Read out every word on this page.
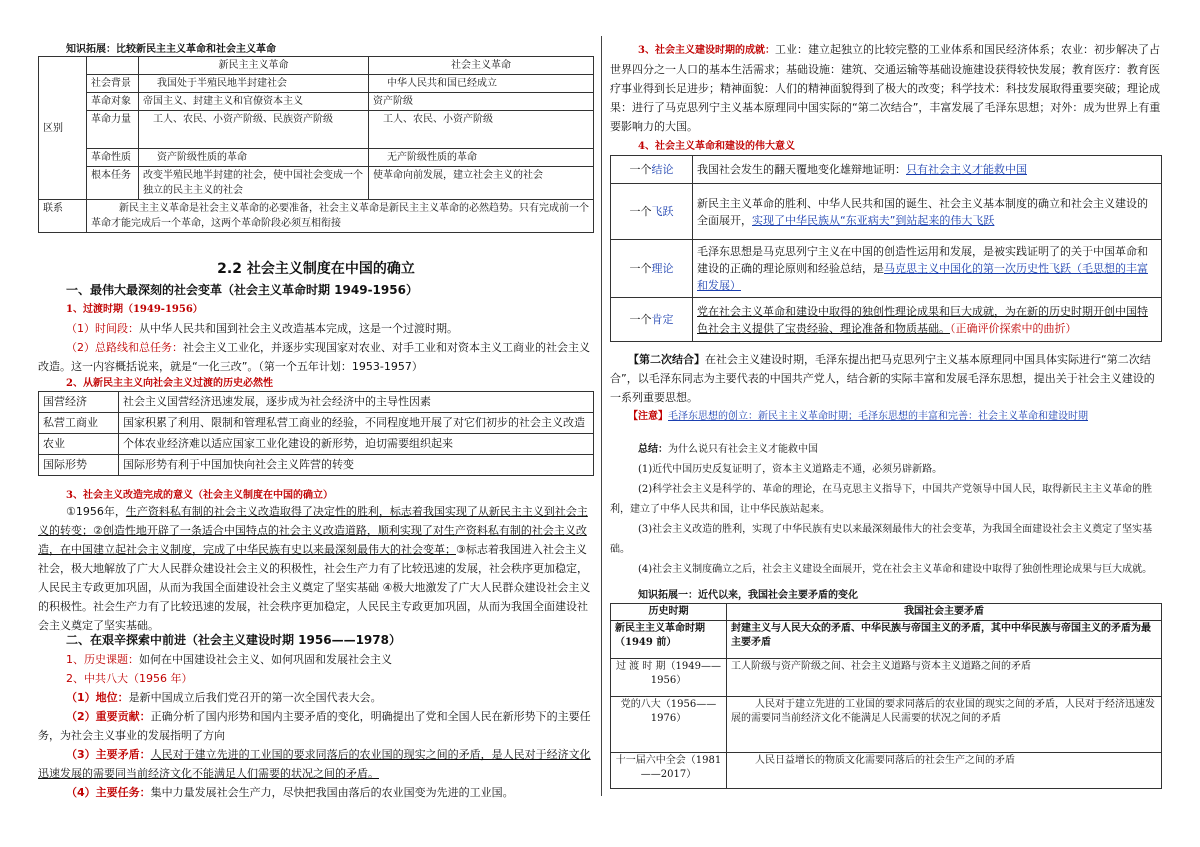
知识拓展：比较新民主主义革命和社会主义革命
区别		新民主主义革命	社会主义革命
	社会背景	我国处于半殖民地半封建社会	中华人民共和国已经成立
	革命对象	帝国主义、封建主义和官僚资本主义	资产阶级
	革命力量	工人、农民、小资产阶级、民族资产阶级	工人、农民、小资产阶级
	革命性质	资产阶级性质的革命	无产阶级性质的革命
	根本任务	改变半殖民地半封建的社会，使中国社会变成一个独立的民主主义的社会	使革命向前发展，建立社会主义的社会
联系	新民主主义革命是社会主义革命的必要准备，社会主义革命是新民主主义革命的必然趋势。只有完成前一个革命才能完成后一个革命，这两个革命阶段必须互相衔接		
2.2 社会主义制度在中国的确立
一、最伟大最深刻的社会变革（社会主义革命时期 1949-1956）

1、过渡时期（1949-1956）

（1）时间段：从中华人民共和国到社会主义改造基本完成，这是一个过渡时期。

（2）总路线和总任务：社会主义工业化，并逐步实现国家对农业、对手工业和对资本主义工商业的社会主义改造。这一内容概括说来，就是“一化三改”。（第一个五年计划：1953-1957）

2、从新民主主义向社会主义过渡的历史必然性
国营经济	社会主义国营经济迅速发展，逐步成为社会经济中的主导性因素
私营工商业	国家积累了利用、限制和管理私营工商业的经验，不同程度地开展了对它们初步的社会主义改造
农业	个体农业经济难以适应国家工业化建设的新形势，迫切需要组织起来
国际形势	国际形势有利于中国加快向社会主义阵营的转变
3、社会主义改造完成的意义（社会主义制度在中国的确立）

①1956年，生产资料私有制的社会主义改造取得了决定性的胜利，标志着我国实现了从新民主主义到社会主义的转变；②创造性地开辟了一条适合中国特点的社会主义改造道路，顺利实现了对生产资料私有制的社会主义改造，在中国建立起社会主义制度，完成了中华民族有史以来最深刻最伟大的社会变革；③标志着我国进入社会主义社会，极大地解放了广大人民群众建设社会主义的积极性，社会生产力有了比较迅速的发展，社会秩序更加稳定，人民民主专政更加巩固，从而为我国全面建设社会主义奠定了坚实基础 ④极大地激发了广大人民群众建设社会主义的积极性。社会生产力有了比较迅速的发展，社会秩序更加稳定，人民民主专政更加巩固，从而为我国全面建设社会主义奠定了坚实基础。

二、在艰辛探索中前进（社会主义建设时期 1956——1978）

1、历史课题：如何在中国建设社会主义、如何巩固和发展社会主义

2、中共八大（1956 年）

（1）地位：是新中国成立后我们党召开的第一次全国代表大会。

（2）重要贡献：正确分析了国内形势和国内主要矛盾的变化，明确提出了党和全国人民在新形势下的主要任务，为社会主义事业的发展指明了方向

（3）主要矛盾：人民对于建立先进的工业国的要求同落后的农业国的现实之间的矛盾，是人民对于经济文化迅速发展的需要同当前经济文化不能满足人们需要的状况之间的矛盾。

（4）主要任务：集中力量发展社会生产力，尽快把我国由落后的农业国变为先进的工业国。

3、社会主义建设时期的成就：工业：建立起独立的比较完整的工业体系和国民经济体系；农业：初步解决了占世界四分之一人口的基本生活需求；基础设施：建筑、交通运输等基础设施建设获得较快发展；教育医疗：教育医疗事业得到长足进步；精神面貌：人们的精神面貌得到了极大的改变；科学技术：科技发展取得重要突破；理论成果：进行了马克思列宁主义基本原理同中国实际的“第二次结合”，丰富发展了毛泽东思想；对外：成为世界上有重要影响力的大国。

4、社会主义革命和建设的伟大意义
一个结论	我国社会发生的翻天覆地变化雄辩地证明：只有社会主义才能救中国
一个飞跃	新民主主义革命的胜利、中华人民共和国的诞生、社会主义基本制度的确立和社会主义建设的全面展开，实现了中华民族从“东亚病夫”到站起来的伟大飞跃
一个理论	毛泽东思想是马克思列宁主义在中国的创造性运用和发展，是被实践证明了的关于中国革命和建设的正确的理论原则和经验总结，是马克思主义中国化的第一次历史性飞跃（毛思想的丰富和发展）
一个肯定	党在社会主义革命和建设中取得的独创性理论成果和巨大成就，为在新的历史时期开创中国特色社会主义提供了宝贵经验、理论准备和物质基础。（正确评价探索中的曲折）

【第二次结合】在社会主义建设时期，毛泽东提出把马克思列宁主义基本原理同中国具体实际进行“第二次结合”，以毛泽东同志为主要代表的中国共产党人，结合新的实际丰富和发展毛泽东思想，提出关于社会主义建设的一系列重要思想。

【注意】毛泽东思想的创立：新民主主义革命时期；毛泽东思想的丰富和完善：社会主义革命和建设时期

总结：为什么说只有社会主义才能救中国

(1)近代中国历史反复证明了，资本主义道路走不通，必须另辟新路。

(2)科学社会主义是科学的、革命的理论，在马克思主义指导下，中国共产党领导中国人民，取得新民主主义革命的胜利，建立了中华人民共和国，让中华民族站起来。

(3)社会主义改造的胜利，实现了中华民族有史以来最深刻最伟大的社会变革，为我国全面建设社会主义奠定了坚实基础。

(4)社会主义制度确立之后，社会主义建设全面展开，党在社会主义革命和建设中取得了独创性理论成果与巨大成就。

知识拓展一：近代以来，我国社会主要矛盾的变化
历史时期	我国社会主要矛盾
新民主主义革命时期（1949 前）	封建主义与人民大众的矛盾、中华民族与帝国主义的矛盾，其中中华民族与帝国主义的矛盾为最主要矛盾
过 渡 时 期（1949——1956）	工人阶级与资产阶级之间、社会主义道路与资本主义道路之间的矛盾
党的八大（1956——1976）	人民对于建立先进的工业国的要求同落后的农业国的现实之间的矛盾，人民对于经济迅速发展的需要同当前经济文化不能满足人民需要的状况之间的矛盾
十一届六中全会（1981——2017）	人民日益增长的物质文化需要同落后的社会生产之间的矛盾
